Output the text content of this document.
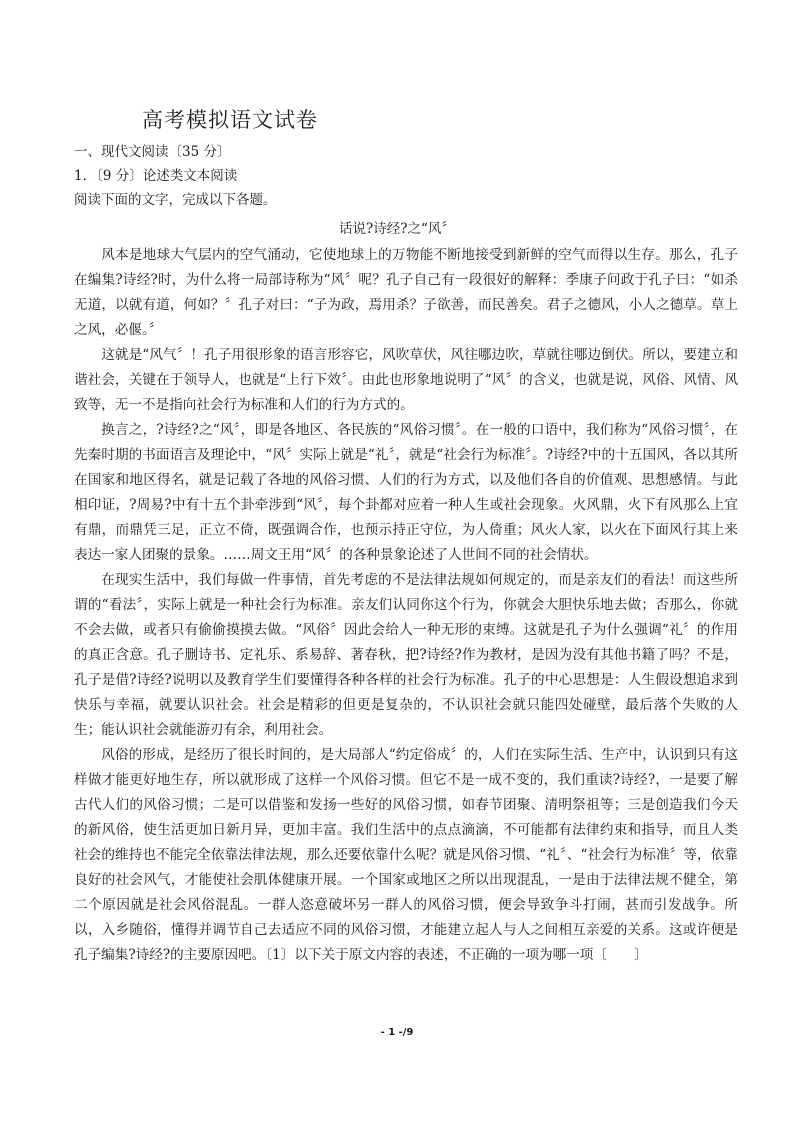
高考模拟语文试卷
一、现代文阅读〔35 分〕
1．〔9 分〕论述类文本阅读
阅读下面的文字，完成以下各题。
话说?诗经?之“风〞

风本是地球大气层内的空气涌动，它使地球上的万物能不断地接受到新鲜的空气而得以生存。那么，孔子在编集?诗经?时，为什么将一局部诗称为“风〞呢？孔子自己有一段很好的解释：季康子问政于孔子曰：“如杀无道，以就有道，何如？〞孔子对曰：“子为政，焉用杀？子欲善，而民善矣。君子之德风，小人之德草。草上之风，必偃。〞

这就是“风气〞！孔子用很形象的语言形容它，风吹草伏，风往哪边吹，草就往哪边倒伏。所以，要建立和谐社会，关键在于领导人，也就是“上行下效〞。由此也形象地说明了“风〞的含义，也就是说，风俗、风情、风致等，无一不是指向社会行为标准和人们的行为方式的。

换言之，?诗经?之“风〞，即是各地区、各民族的“风俗习惯〞。在一般的口语中，我们称为“风俗习惯〞，在先秦时期的书面语言及理论中，“风〞实际上就是“礼〞，就是“社会行为标准〞。?诗经?中的十五国风，各以其所在国家和地区得名，就是记载了各地的风俗习惯、人们的行为方式，以及他们各自的价值观、思想感情。与此相印证，?周易?中有十五个卦牵涉到“风〞，每个卦都对应着一种人生或社会现象。火风鼎，火下有风那么上宜有鼎，而鼎凭三足，正立不倚，既强调合作，也预示持正守位，为人倚重；风火人家，以火在下面风行其上来表达一家人团聚的景象。……周文王用“风〞的各种景象论述了人世间不同的社会情状。

在现实生活中，我们每做一件事情，首先考虑的不是法律法规如何规定的，而是亲友们的看法！而这些所谓的“看法〞，实际上就是一种社会行为标准。亲友们认同你这个行为，你就会大胆快乐地去做；否那么，你就不会去做，或者只有偷偷摸摸去做。“风俗〞因此会给人一种无形的束缚。这就是孔子为什么强调“礼〞的作用的真正含意。孔子删诗书、定礼乐、系易辞、著春秋，把?诗经?作为教材，是因为没有其他书籍了吗？不是，孔子是借?诗经?说明以及教育学生们要懂得各种各样的社会行为标准。孔子的中心思想是：人生假设想追求到快乐与幸福，就要认识社会。社会是精彩的但更是复杂的，不认识社会就只能四处碰壁，最后落个失败的人生；能认识社会就能游刃有余，利用社会。

风俗的形成，是经历了很长时间的，是大局部人“约定俗成〞的，人们在实际生活、生产中，认识到只有这样做才能更好地生存，所以就形成了这样一个风俗习惯。但它不是一成不变的，我们重读?诗经?，一是要了解古代人们的风俗习惯；二是可以借鉴和发扬一些好的风俗习惯，如春节团聚、清明祭祖等；三是创造我们今天的新风俗，使生活更加日新月异，更加丰富。我们生活中的点点滴滴，不可能都有法律约束和指导，而且人类社会的维持也不能完全依靠法律法规，那么还要依靠什么呢？就是风俗习惯、“礼〞、“社会行为标准〞等，依靠良好的社会风气，才能使社会肌体健康开展。一个国家或地区之所以出现混乱，一是由于法律法规不健全，第二个原因就是社会风俗混乱。一群人恣意破坏另一群人的风俗习惯，便会导致争斗打闹，甚而引发战争。所以，入乡随俗，懂得并调节自己去适应不同的风俗习惯，才能建立起人与人之间相互亲爱的关系。这或许便是孔子编集?诗经?的主要原因吧。〔1〕以下关于原文内容的表述，不正确的一项为哪一项〔　　〕

- 1 -/9
